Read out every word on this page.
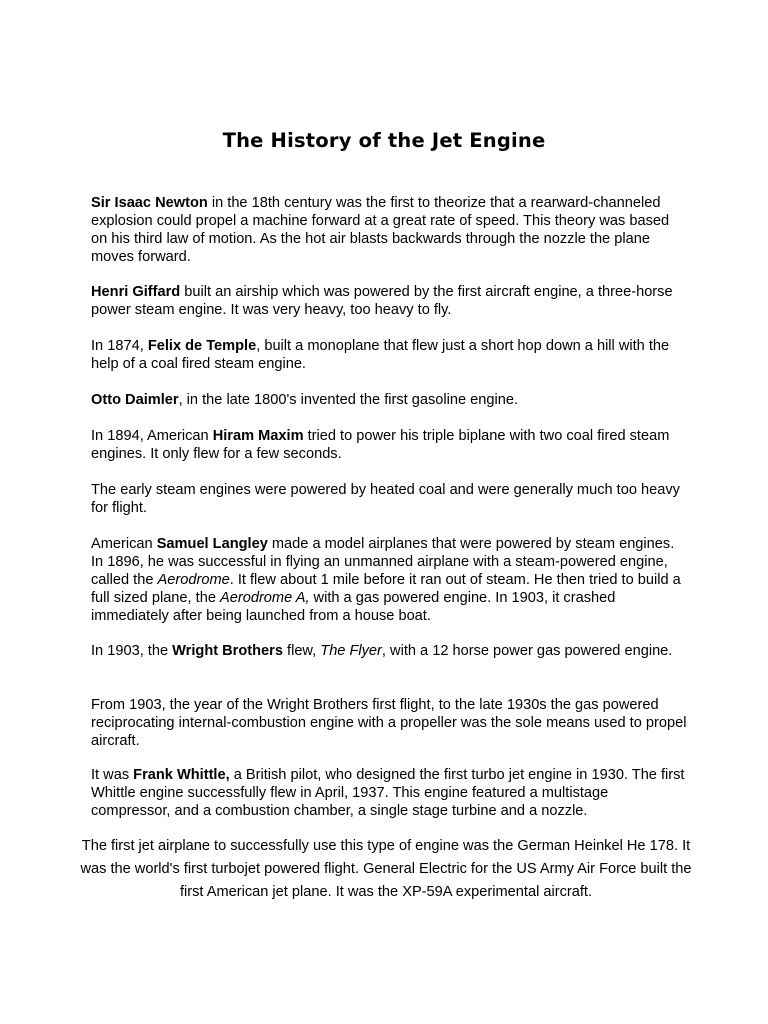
The History of the Jet Engine

Sir Isaac Newton in the 18th century was the first to theorize that a rearward-channeled explosion could propel a machine forward at a great rate of speed. This theory was based on his third law of motion. As the hot air blasts backwards through the nozzle the plane moves forward.

Henri Giffard built an airship which was powered by the first aircraft engine, a three-horse power steam engine. It was very heavy, too heavy to fly.

In 1874, Felix de Temple, built a monoplane that flew just a short hop down a hill with the help of a coal fired steam engine.

Otto Daimler, in the late 1800's invented the first gasoline engine.

In 1894, American Hiram Maxim tried to power his triple biplane with two coal fired steam engines. It only flew for a few seconds.

The early steam engines were powered by heated coal and were generally much too heavy for flight.

American Samuel Langley made a model airplanes that were powered by steam engines. In 1896, he was successful in flying an unmanned airplane with a steam-powered engine, called the Aerodrome. It flew about 1 mile before it ran out of steam. He then tried to build a full sized plane, the Aerodrome A, with a gas powered engine. In 1903, it crashed immediately after being launched from a house boat.

In 1903, the Wright Brothers flew, The Flyer, with a 12 horse power gas powered engine.

From 1903, the year of the Wright Brothers first flight, to the late 1930s the gas powered reciprocating internal-combustion engine with a propeller was the sole means used to propel aircraft.

It was Frank Whittle, a British pilot, who designed the first turbo jet engine in 1930. The first Whittle engine successfully flew in April, 1937. This engine featured a multistage compressor, and a combustion chamber, a single stage turbine and a nozzle.

The first jet airplane to successfully use this type of engine was the German Heinkel He 178. It was the world's first turbojet powered flight. General Electric for the US Army Air Force built the first American jet plane. It was the XP-59A experimental aircraft.
